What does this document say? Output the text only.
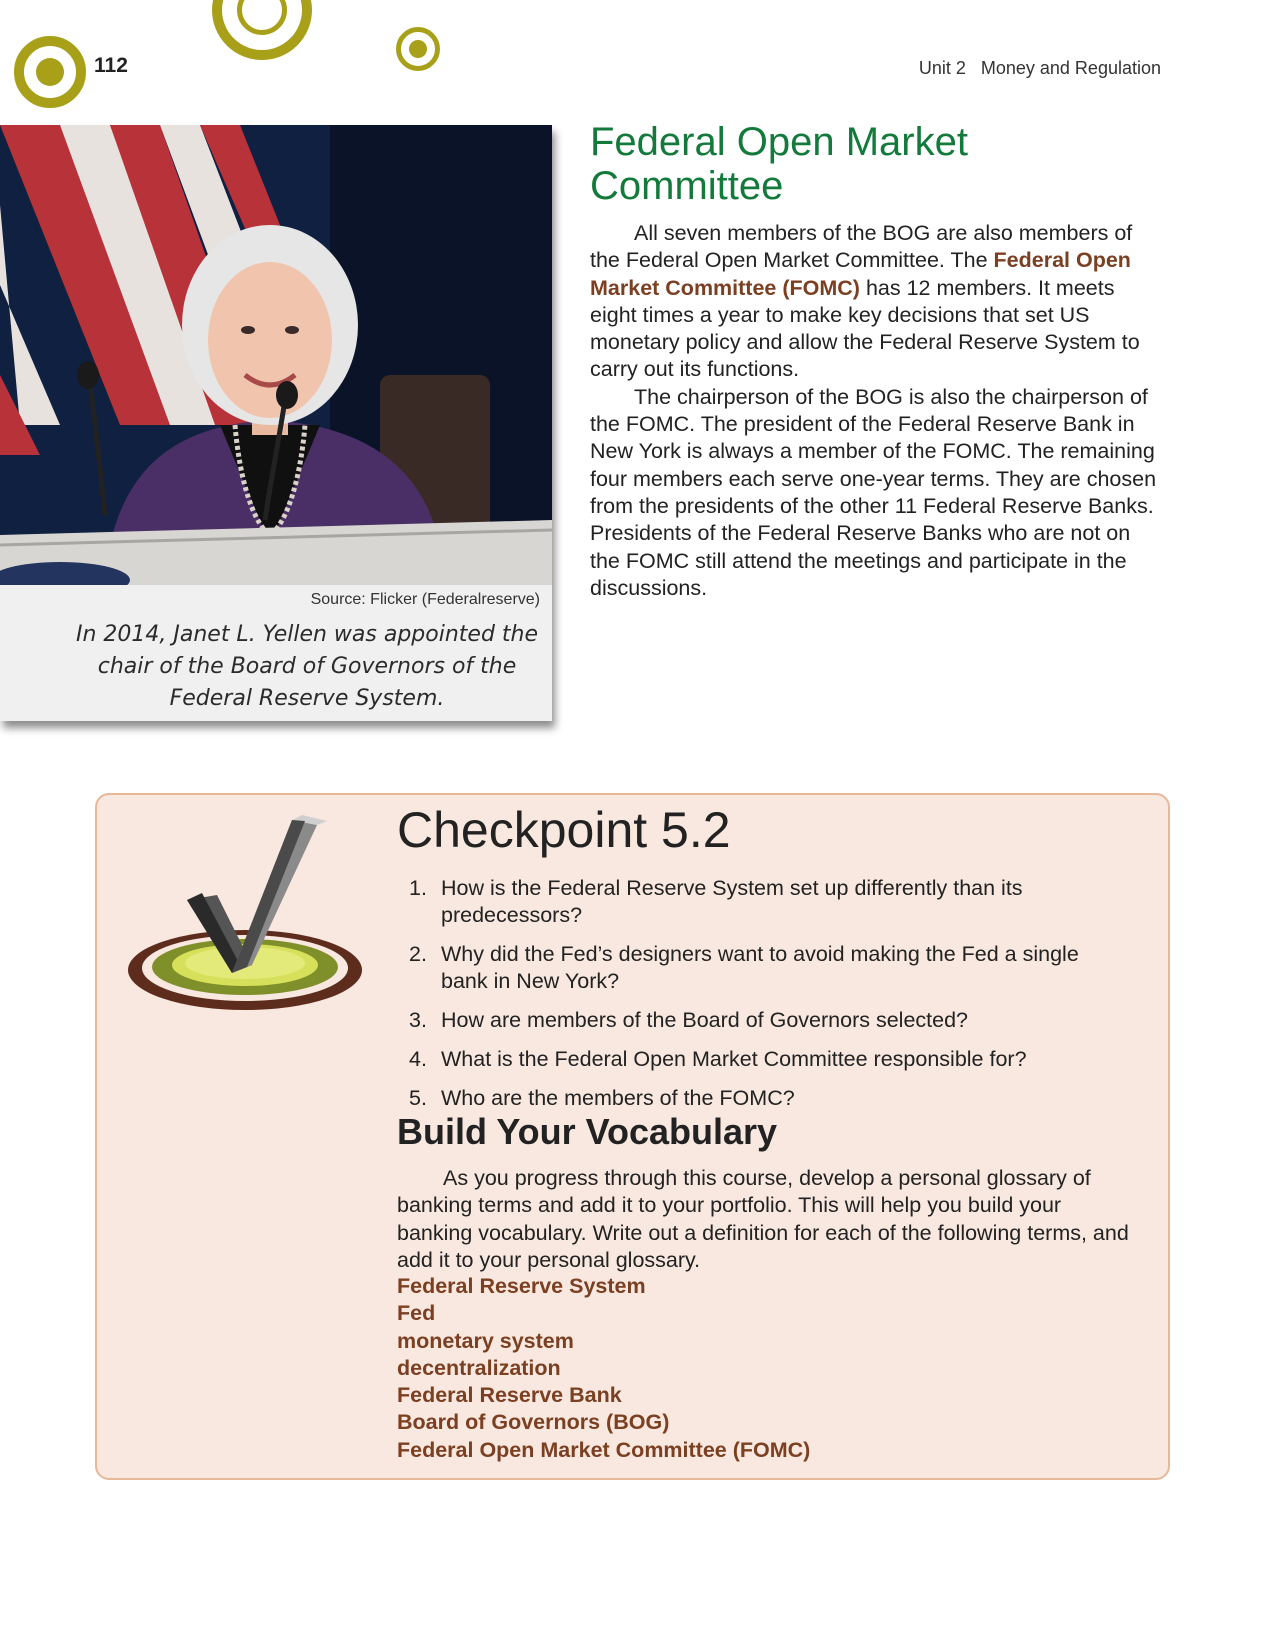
112	Unit 2   Money and Regulation
Source: Flicker (Federalreserve)
In 2014, Janet L. Yellen was appointed the chair of the Board of Governors of the Federal Reserve System.
Federal Open Market Committee

All seven members of the BOG are also members of the Federal Open Market Committee. The Federal Open Market Committee (FOMC) has 12 members. It meets eight times a year to make key decisions that set US monetary policy and allow the Federal Reserve System to carry out its functions.

The chairperson of the BOG is also the chairperson of the FOMC. The president of the Federal Reserve Bank in New York is always a member of the FOMC. The remaining four members each serve one-year terms. They are chosen from the presidents of the other 11 Federal Reserve Banks. Presidents of the Federal Reserve Banks who are not on the FOMC still attend the meetings and participate in the discussions.

Checkpoint 5.2
1. How is the Federal Reserve System set up differently than its predecessors?
2. Why did the Fed’s designers want to avoid making the Fed a single bank in New York?
3. How are members of the Board of Governors selected?
4. What is the Federal Open Market Committee responsible for?
5. Who are the members of the FOMC?
Build Your Vocabulary

As you progress through this course, develop a personal glossary of banking terms and add it to your portfolio. This will help you build your banking vocabulary. Write out a definition for each of the following terms, and add it to your personal glossary.

Federal Reserve System
Fed
monetary system
decentralization
Federal Reserve Bank
Board of Governors (BOG)
Federal Open Market Committee (FOMC)
